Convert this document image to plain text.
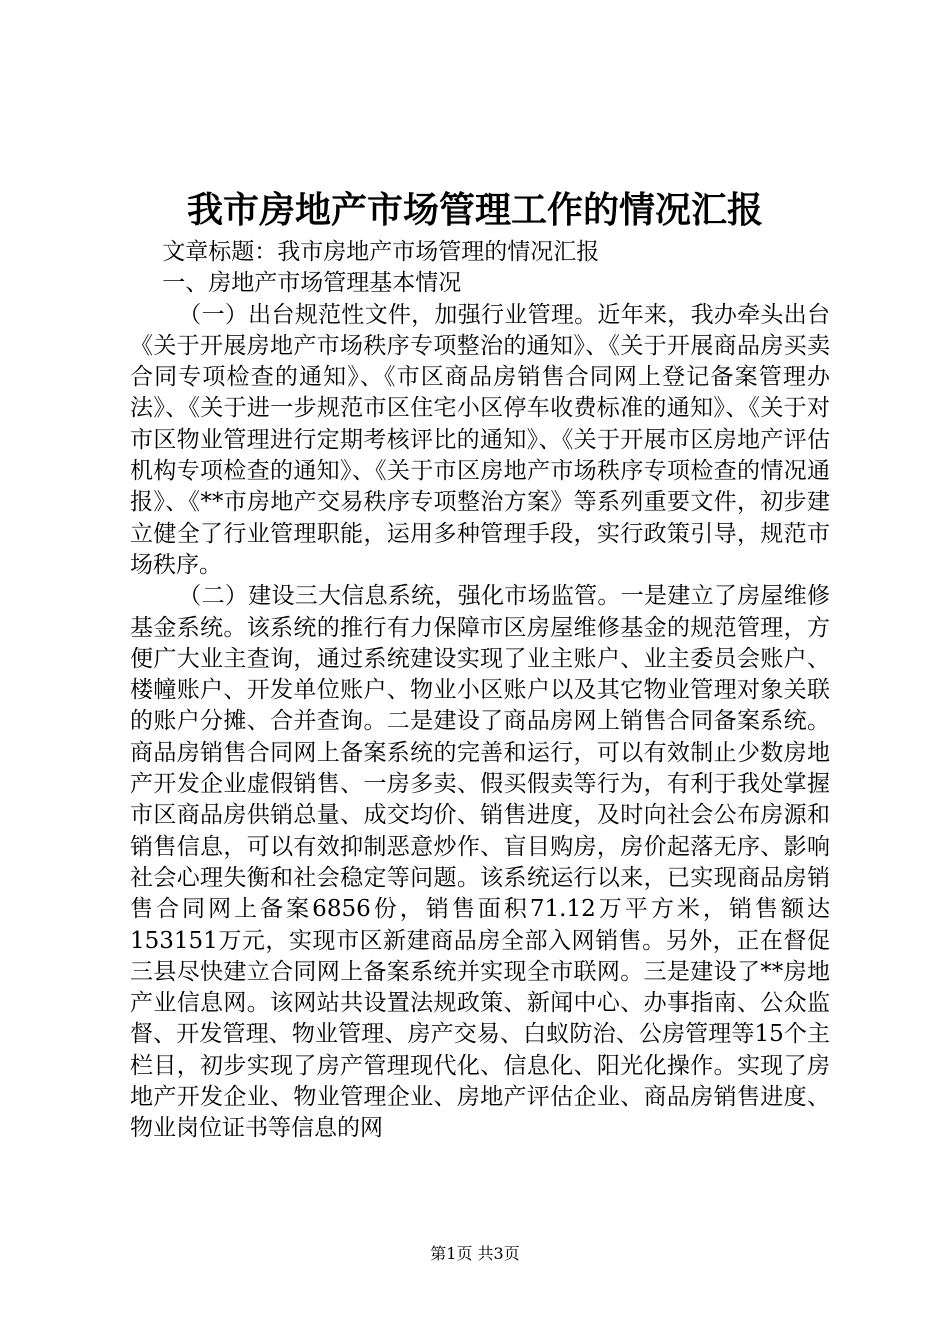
我市房地产市场管理工作的情况汇报

文章标题：我市房地产市场管理的情况汇报

一、房地产市场管理基本情况

（一）出台规范性文件，加强行业管理。近年来，我办牵头出台《关于开展房地产市场秩序专项整治的通知》、《关于开展商品房买卖合同专项检查的通知》、《市区商品房销售合同网上登记备案管理办法》、《关于进一步规范市区住宅小区停车收费标准的通知》、《关于对市区物业管理进行定期考核评比的通知》、《关于开展市区房地产评估机构专项检查的通知》、《关于市区房地产市场秩序专项检查的情况通报》、《**市房地产交易秩序专项整治方案》等系列重要文件，初步建立健全了行业管理职能，运用多种管理手段，实行政策引导，规范市场秩序。

（二）建设三大信息系统，强化市场监管。一是建立了房屋维修基金系统。该系统的推行有力保障市区房屋维修基金的规范管理，方便广大业主查询，通过系统建设实现了业主账户、业主委员会账户、楼幢账户、开发单位账户、物业小区账户以及其它物业管理对象关联的账户分摊、合并查询。二是建设了商品房网上销售合同备案系统。商品房销售合同网上备案系统的完善和运行，可以有效制止少数房地产开发企业虚假销售、一房多卖、假买假卖等行为，有利于我处掌握市区商品房供销总量、成交均价、销售进度，及时向社会公布房源和销售信息，可以有效抑制恶意炒作、盲目购房，房价起落无序、影响社会心理失衡和社会稳定等问题。该系统运行以来，已实现商品房销售合同网上备案6856份，销售面积71.12万平方米，销售额达153151万元，实现市区新建商品房全部入网销售。另外，正在督促三县尽快建立合同网上备案系统并实现全市联网。三是建设了**房地产业信息网。该网站共设置法规政策、新闻中心、办事指南、公众监督、开发管理、物业管理、房产交易、白蚁防治、公房管理等15个主栏目，初步实现了房产管理现代化、信息化、阳光化操作。实现了房地产开发企业、物业管理企业、房地产评估企业、商品房销售进度、物业岗位证书等信息的网

第1页 共3页
